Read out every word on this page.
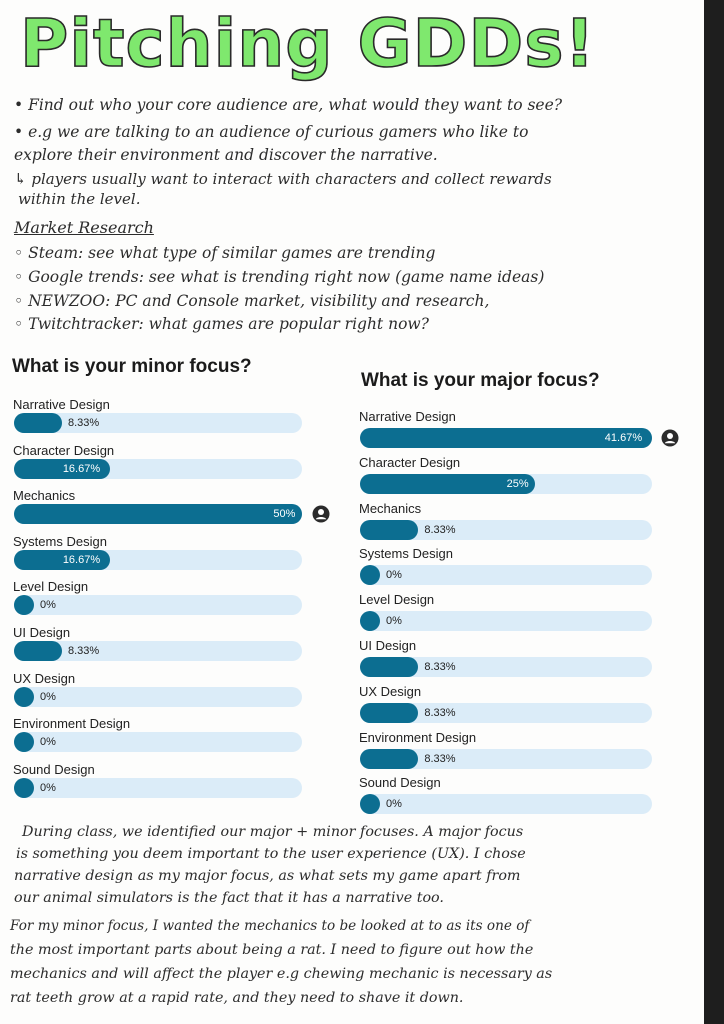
Pitching GDDs!

• Find out who your core audience are, what would they want to see?

• e.g we are talking to an audience of curious gamers who like to

explore their environment and discover the narrative.

↳ players usually want to interact with characters and collect rewards

within the level.

Market Research

◦ Steam: see what type of similar games are trending

◦ Google trends: see what is trending right now (game name ideas)

◦ NEWZOO: PC and Console market, visibility and research,

◦ Twitchtracker: what games are popular right now?

What is your minor focus?
Narrative Design
8.33%
Character Design
16.67%
Mechanics
50%
Systems Design
16.67%
Level Design
0%
UI Design
8.33%
UX Design
0%
Environment Design
0%
Sound Design
0%
What is your major focus?
Narrative Design
41.67%
Character Design
25%
Mechanics
8.33%
Systems Design
0%
Level Design
0%
UI Design
8.33%
UX Design
8.33%
Environment Design
8.33%
Sound Design
0%

During class, we identified our major + minor focuses. A major focus

is something you deem important to the user experience (UX). I chose

narrative design as my major focus, as what sets my game apart from

our animal simulators is the fact that it has a narrative too.

For my minor focus, I wanted the mechanics to be looked at to as its one of

the most important parts about being a rat. I need to figure out how the

mechanics and will affect the player e.g chewing mechanic is necessary as

rat teeth grow at a rapid rate, and they need to shave it down.
